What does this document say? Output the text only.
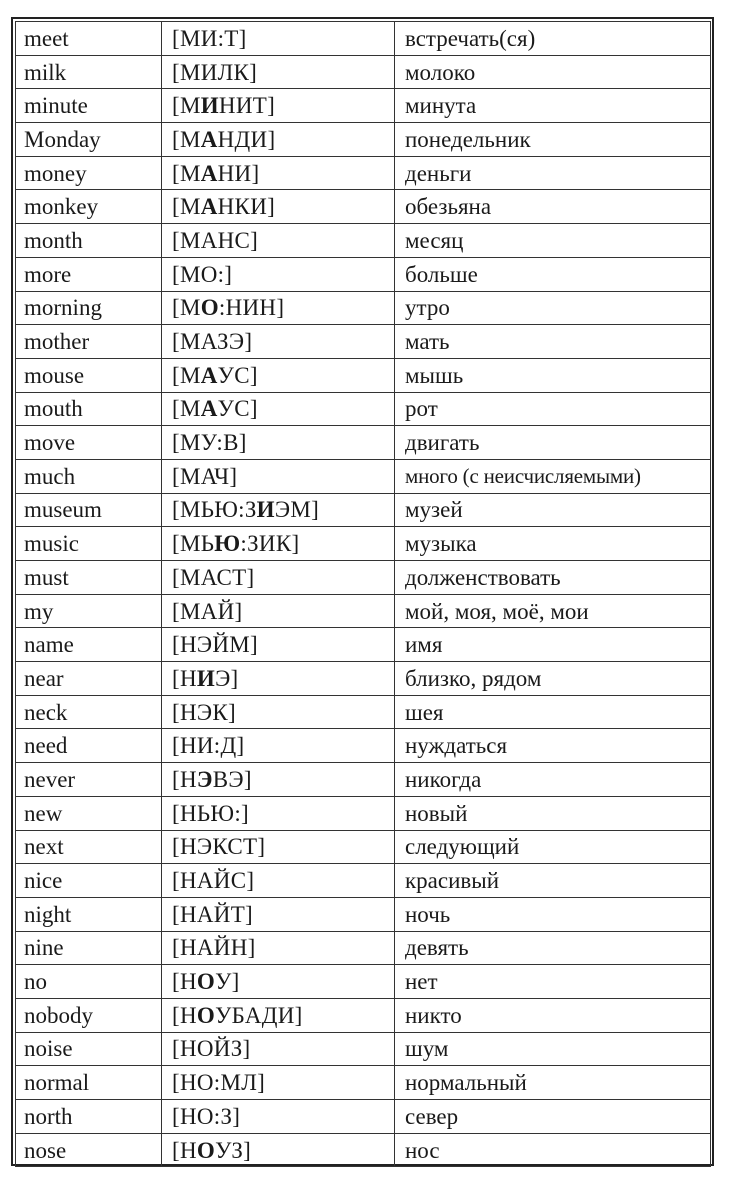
meet	[МИ:Т]	встречать(ся)
milk	[МИЛК]	молоко
minute	[МИНИТ]	минута
Monday	[МАНДИ]	понедельник
money	[МАНИ]	деньги
monkey	[МАНКИ]	обезьяна
month	[МАНС]	месяц
more	[МО:]	больше
morning	[МО:НИН]	утро
mother	[МАЗЭ]	мать
mouse	[МАУС]	мышь
mouth	[МАУС]	рот
move	[МУ:В]	двигать
much	[МАЧ]	много (с неисчисляемыми)
museum	[МЬЮ:ЗИЭМ]	музей
music	[МЬЮ:ЗИК]	музыка
must	[МАСТ]	долженствовать
my	[МАЙ]	мой, моя, моё, мои
name	[НЭЙМ]	имя
near	[НИЭ]	близко, рядом
neck	[НЭК]	шея
need	[НИ:Д]	нуждаться
never	[НЭВЭ]	никогда
new	[НЬЮ:]	новый
next	[НЭКСТ]	следующий
nice	[НАЙС]	красивый
night	[НАЙТ]	ночь
nine	[НАЙН]	девять
no	[НОУ]	нет
nobody	[НОУБАДИ]	никто
noise	[НОЙЗ]	шум
normal	[НО:МЛ]	нормальный
north	[НО:З]	север
nose	[НОУЗ]	нос
